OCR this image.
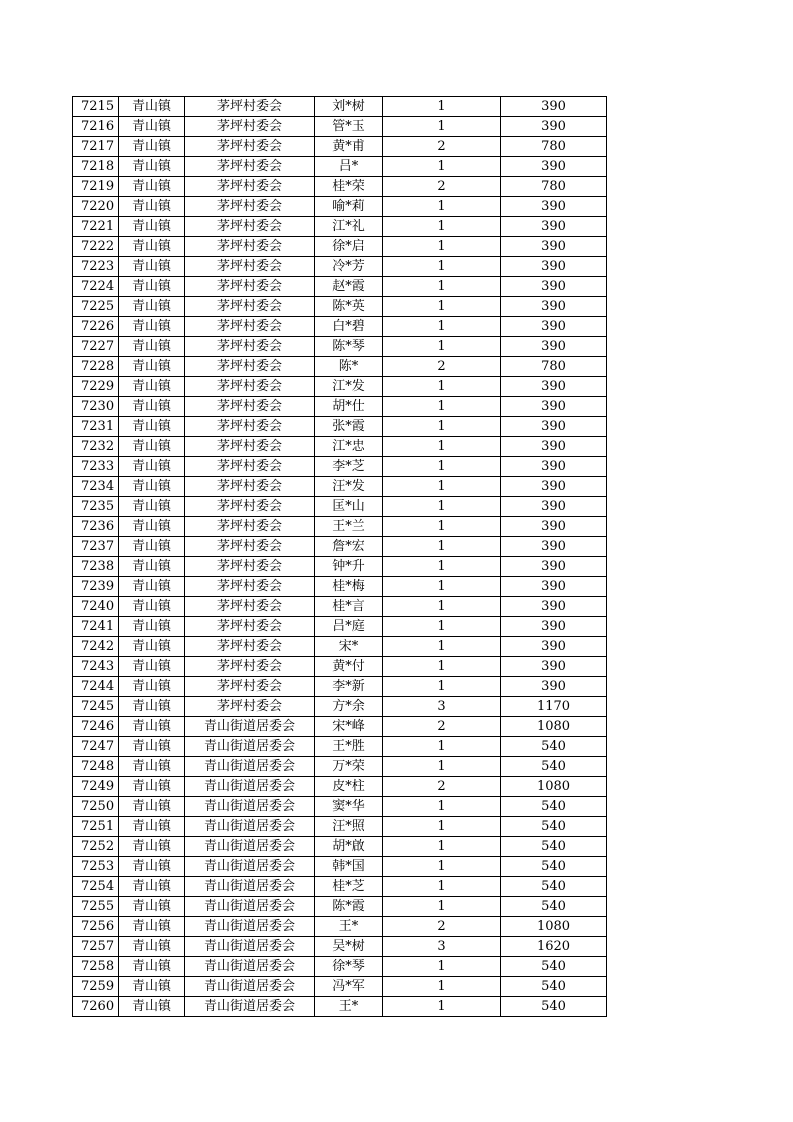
7215	青山镇	茅坪村委会	刘*树	1	390
7216	青山镇	茅坪村委会	管*玉	1	390
7217	青山镇	茅坪村委会	黄*甫	2	780
7218	青山镇	茅坪村委会	吕*	1	390
7219	青山镇	茅坪村委会	桂*荣	2	780
7220	青山镇	茅坪村委会	喻*莉	1	390
7221	青山镇	茅坪村委会	江*礼	1	390
7222	青山镇	茅坪村委会	徐*启	1	390
7223	青山镇	茅坪村委会	冷*芳	1	390
7224	青山镇	茅坪村委会	赵*霞	1	390
7225	青山镇	茅坪村委会	陈*英	1	390
7226	青山镇	茅坪村委会	白*碧	1	390
7227	青山镇	茅坪村委会	陈*琴	1	390
7228	青山镇	茅坪村委会	陈*	2	780
7229	青山镇	茅坪村委会	江*发	1	390
7230	青山镇	茅坪村委会	胡*仕	1	390
7231	青山镇	茅坪村委会	张*霞	1	390
7232	青山镇	茅坪村委会	江*忠	1	390
7233	青山镇	茅坪村委会	李*芝	1	390
7234	青山镇	茅坪村委会	汪*发	1	390
7235	青山镇	茅坪村委会	匡*山	1	390
7236	青山镇	茅坪村委会	王*兰	1	390
7237	青山镇	茅坪村委会	詹*宏	1	390
7238	青山镇	茅坪村委会	钟*升	1	390
7239	青山镇	茅坪村委会	桂*梅	1	390
7240	青山镇	茅坪村委会	桂*言	1	390
7241	青山镇	茅坪村委会	吕*庭	1	390
7242	青山镇	茅坪村委会	宋*	1	390
7243	青山镇	茅坪村委会	黄*付	1	390
7244	青山镇	茅坪村委会	李*新	1	390
7245	青山镇	茅坪村委会	方*余	3	1170
7246	青山镇	青山街道居委会	宋*峰	2	1080
7247	青山镇	青山街道居委会	王*胜	1	540
7248	青山镇	青山街道居委会	万*荣	1	540
7249	青山镇	青山街道居委会	皮*柱	2	1080
7250	青山镇	青山街道居委会	窦*华	1	540
7251	青山镇	青山街道居委会	汪*照	1	540
7252	青山镇	青山街道居委会	胡*啟	1	540
7253	青山镇	青山街道居委会	韩*国	1	540
7254	青山镇	青山街道居委会	桂*芝	1	540
7255	青山镇	青山街道居委会	陈*霞	1	540
7256	青山镇	青山街道居委会	王*	2	1080
7257	青山镇	青山街道居委会	吴*树	3	1620
7258	青山镇	青山街道居委会	徐*琴	1	540
7259	青山镇	青山街道居委会	冯*军	1	540
7260	青山镇	青山街道居委会	王*	1	540
